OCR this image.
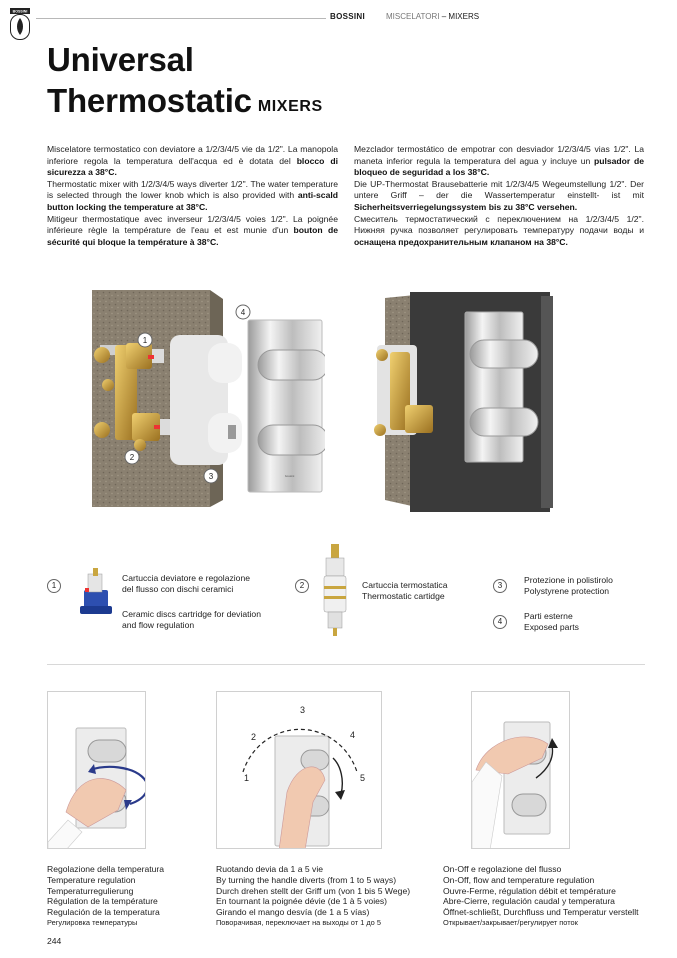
BOSSINI
BOSSINI	MISCELATORI – MIXERS
Universal
Thermostatic MIXERS

Miscelatore termostatico con deviatore a 1/2/3/4/5 vie da 1/2". La manopola inferiore regola la temperatura dell'acqua ed è dotata del blocco di sicurezza a 38°C.

Thermostatic mixer with 1/2/3/4/5 ways diverter 1/2". The water temperature is selected through the lower knob which is also provided with anti-scald button locking the temperature at 38°C.

Mitigeur thermostatique avec inverseur 1/2/3/4/5 voies 1/2". La poignée inférieure règle la température de l'eau et est munie d'un bouton de sécurité qui bloque la température à 38°C.

Mezclador termostático de empotrar con desviador 1/2/3/4/5 vias 1/2". La maneta inferior regula la temperatura del agua y incluye un pulsador de bloqueo de seguridad a los 38°C.

Die UP-Thermostat Brausebatterie mit 1/2/3/4/5 Wegeumstellung 1/2". Der untere Griff – der die Wassertemperatur einstellt- ist mit Sicherheitsverriegelungssystem bis zu 38°C versehen.

Смеситель термостатический с переключением на 1/2/3/4/5 1/2". Нижняя ручка позволяет регулировать температуру подачи воды и оснащена предохранительным клапаном на 38°C.

bossini
1
2
3
4
1
Cartuccia deviatore e regolazione del flusso con dischi ceramici
Ceramic discs cartridge for deviation and flow regulation
2	Cartuccia termostatica
Thermostatic cartidge
3
Protezione in polistirolo
Polystyrene protection
4
Parti esterne
Exposed parts
1
2
3
4
5
Regolazione della temperatura
Temperature regulation
Temperaturregulierung
Régulation de la température
Regulación de la temperatura
Регулировка температуры
Ruotando devia da 1 a 5 vie
By turning the handle diverts (from 1 to 5 ways)
Durch drehen stellt der Griff um (von 1 bis 5 Wege)
En tournant la poignée dévie (de 1 à 5 voies)
Girando el mango desvía (de 1 a 5 vías)
Поворачивая, переключает на выходы от 1 до 5
On-Off e regolazione del flusso
On-Off, flow and temperature regulation
Ouvre-Ferme, régulation débit et température
Abre-Cierre, regulación caudal y temperatura
Öffnet-schließt, Durchfluss und Temperatur verstellt
Открывает/закрывает/регулирует поток
244
